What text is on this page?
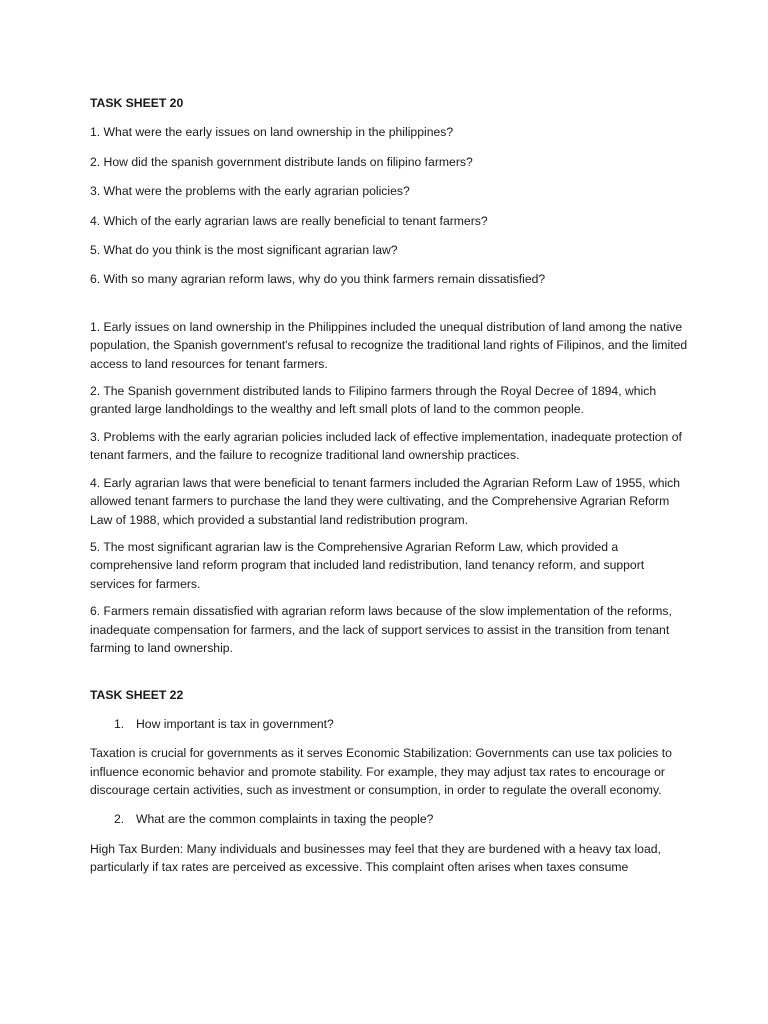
TASK SHEET 20

1. What were the early issues on land ownership in the philippines?

2. How did the spanish government distribute lands on filipino farmers?

3. What were the problems with the early agrarian policies?

4. Which of the early agrarian laws are really beneficial to tenant farmers?

5. What do you think is the most significant agrarian law?

6. With so many agrarian reform laws, why do you think farmers remain dissatisfied?

1. Early issues on land ownership in the Philippines included the unequal distribution of land among the native population, the Spanish government's refusal to recognize the traditional land rights of Filipinos, and the limited access to land resources for tenant farmers.

2. The Spanish government distributed lands to Filipino farmers through the Royal Decree of 1894, which granted large landholdings to the wealthy and left small plots of land to the common people.

3. Problems with the early agrarian policies included lack of effective implementation, inadequate protection of tenant farmers, and the failure to recognize traditional land ownership practices.

4. Early agrarian laws that were beneficial to tenant farmers included the Agrarian Reform Law of 1955, which allowed tenant farmers to purchase the land they were cultivating, and the Comprehensive Agrarian Reform Law of 1988, which provided a substantial land redistribution program.

5. The most significant agrarian law is the Comprehensive Agrarian Reform Law, which provided a comprehensive land reform program that included land redistribution, land tenancy reform, and support services for farmers.

6. Farmers remain dissatisfied with agrarian reform laws because of the slow implementation of the reforms, inadequate compensation for farmers, and the lack of support services to assist in the transition from tenant farming to land ownership.

TASK SHEET 22

1. How important is tax in government?

Taxation is crucial for governments as it serves Economic Stabilization: Governments can use tax policies to influence economic behavior and promote stability. For example, they may adjust tax rates to encourage or discourage certain activities, such as investment or consumption, in order to regulate the overall economy.

2. What are the common complaints in taxing the people?

High Tax Burden: Many individuals and businesses may feel that they are burdened with a heavy tax load, particularly if tax rates are perceived as excessive. This complaint often arises when taxes consume
